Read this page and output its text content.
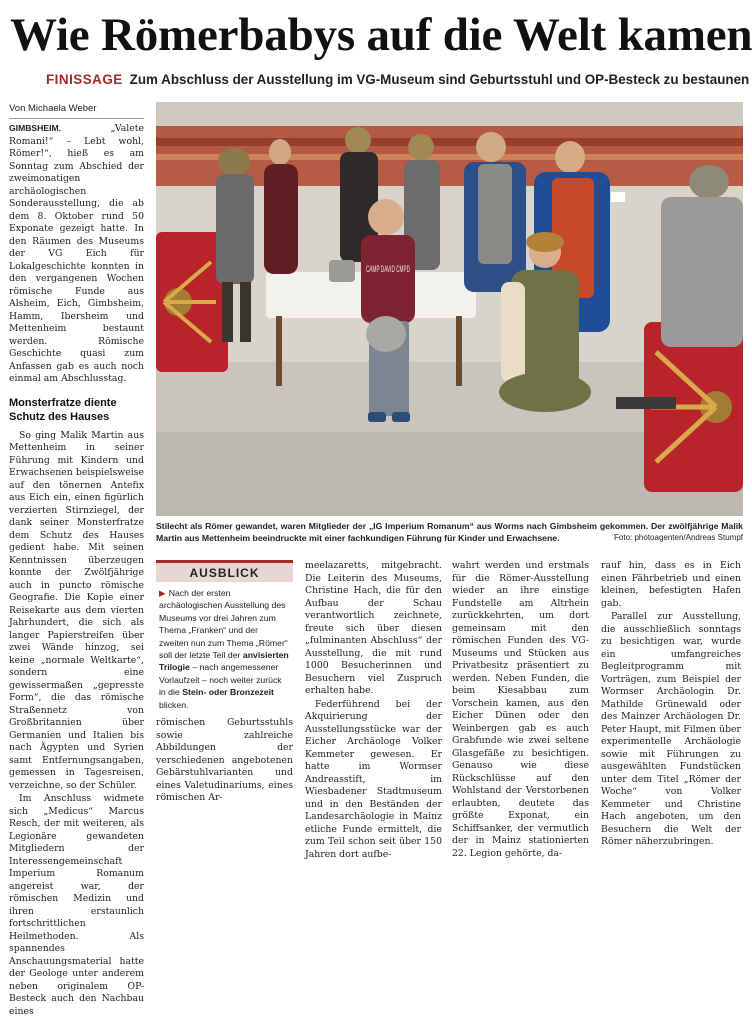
Wie Römerbabys auf die Welt kamen
FINISSAGE Zum Abschluss der Ausstellung im VG-Museum sind Geburtsstuhl und OP-Besteck zu bestaunen
Von Michaela Weber

GIMBSHEIM. „Valete Romani!“ – Lebt wohl, Römer!“, hieß es am Sonntag zum Abschied der zweimonatigen archäologischen Sonderausstellung, die ab dem 8. Oktober rund 50 Exponate gezeigt hatte. In den Räumen des Museums der VG Eich für Lokalgeschichte konnten in den vergangenen Wochen römische Funde aus Alsheim, Eich, Gimbsheim, Hamm, Ibersheim und Mettenheim bestaunt werden. Römische Geschichte quasi zum Anfassen gab es auch noch einmal am Abschlusstag.

Monsterfratze diente Schutz des Hauses

So ging Malik Martin aus Mettenheim in seiner Führung mit Kindern und Erwachsenen beispielsweise auf den tönernen Antefix aus Eich ein, einen figürlich verzierten Stirnziegel, der dank seiner Monsterfratze dem Schutz des Hauses gedient habe. Mit seinen Kenntnissen überzeugen konnte der Zwölfjährige auch in puncto römische Geografie. Die Kopie einer Reisekarte aus dem vierten Jahrhundert, die sich als langer Papierstreifen über zwei Wände hinzog, sei keine „normale Weltkarte“, sondern eine gewissermaßen „gepresste Form“, die das römische Straßennetz von Großbritannien über Germanien und Italien bis nach Ägypten und Syrien samt Entfernungsangaben, gemessen in Tagesreisen, verzeichne, so der Schüler.

Im Anschluss widmete sich „Medicus“ Marcus Resch, der mit weiteren, als Legionäre gewandeten Mitgliedern der Interessengemeinschaft Imperium Romanum angereist war, der römischen Medizin und ihren erstaunlich fortschrittlichen Heilmethoden. Als spannendes Anschauungsmaterial hatte der Geologe unter anderem neben originalem OP-Besteck auch den Nachbau eines

CAMP DAVID CMPD
Stilecht als Römer gewandet, waren Mitglieder der „IG Imperium Romanum“ aus Worms nach Gimbsheim gekommen. Der zwölfjährige Malik Martin aus Mettenheim beeindruckte mit einer fachkundigen Führung für Kinder und Erwachsene.	Foto: photoagenten/Andreas Stumpf
AUSBLICK
▶ Nach der ersten archäologischen Ausstellung des Museums vor drei Jahren zum Thema „Franken“ und der zweiten nun zum Thema „Römer“ soll der letzte Teil der anvisierten Trilogie – nach angemessener Vorlaufzeit – noch weiter zurück in die Stein- oder Bronzezeit blicken.

römischen Geburtsstuhls sowie zahlreiche Abbildungen der verschiedenen angebotenen Gebärstuhlvarianten und eines Valetudinariums, eines römischen Ar-

meelazaretts, mitgebracht. Die Leiterin des Museums, Christine Hach, die für den Aufbau der Schau verantwortlich zeichnete, freute sich über diesen „fulminanten Abschluss“ der Ausstellung, die mit rund 1000 Besucherinnen und Besuchern viel Zuspruch erhalten habe.

Federführend bei der Akquirierung der Ausstellungsstücke war der Eicher Archäologe Volker Kemmeter gewesen. Er hatte im Wormser Andreasstift, im Wiesbadener Stadtmuseum und in den Beständen der Landesarchäologie in Mainz etliche Funde ermittelt, die zum Teil schon seit über 150 Jahren dort aufbe-

wahrt werden und erstmals für die Römer-Ausstellung wieder an ihre einstige Fundstelle am Altrhein zurückkehrten, um dort gemeinsam mit den römischen Funden des VG-Museums und Stücken aus Privatbesitz präsentiert zu werden. Neben Funden, die beim Kiesabbau zum Vorschein kamen, aus den Eicher Dünen oder den Weinbergen gab es auch Grabfunde wie zwei seltene Glasgefäße zu besichtigen. Genauso wie diese Rückschlüsse auf den Wohlstand der Verstorbenen erlaubten, deutete das größte Exponat, ein Schiffsanker, der vermutlich der in Mainz stationierten 22. Legion gehörte, da-

rauf hin, dass es in Eich einen Fährbetrieb und einen kleinen, befestigten Hafen gab.

Parallel zur Ausstellung, die ausschließlich sonntags zu besichtigen war, wurde ein umfangreiches Begleitprogramm mit Vorträgen, zum Beispiel der Wormser Archäologin Dr. Mathilde Grünewald oder des Mainzer Archäologen Dr. Peter Haupt, mit Filmen über experimentelle Archäologie sowie mit Führungen zu ausgewählten Fundstücken unter dem Titel „Römer der Woche“ von Volker Kemmeter und Christine Hach angeboten, um den Besuchern die Welt der Römer näherzubringen.
